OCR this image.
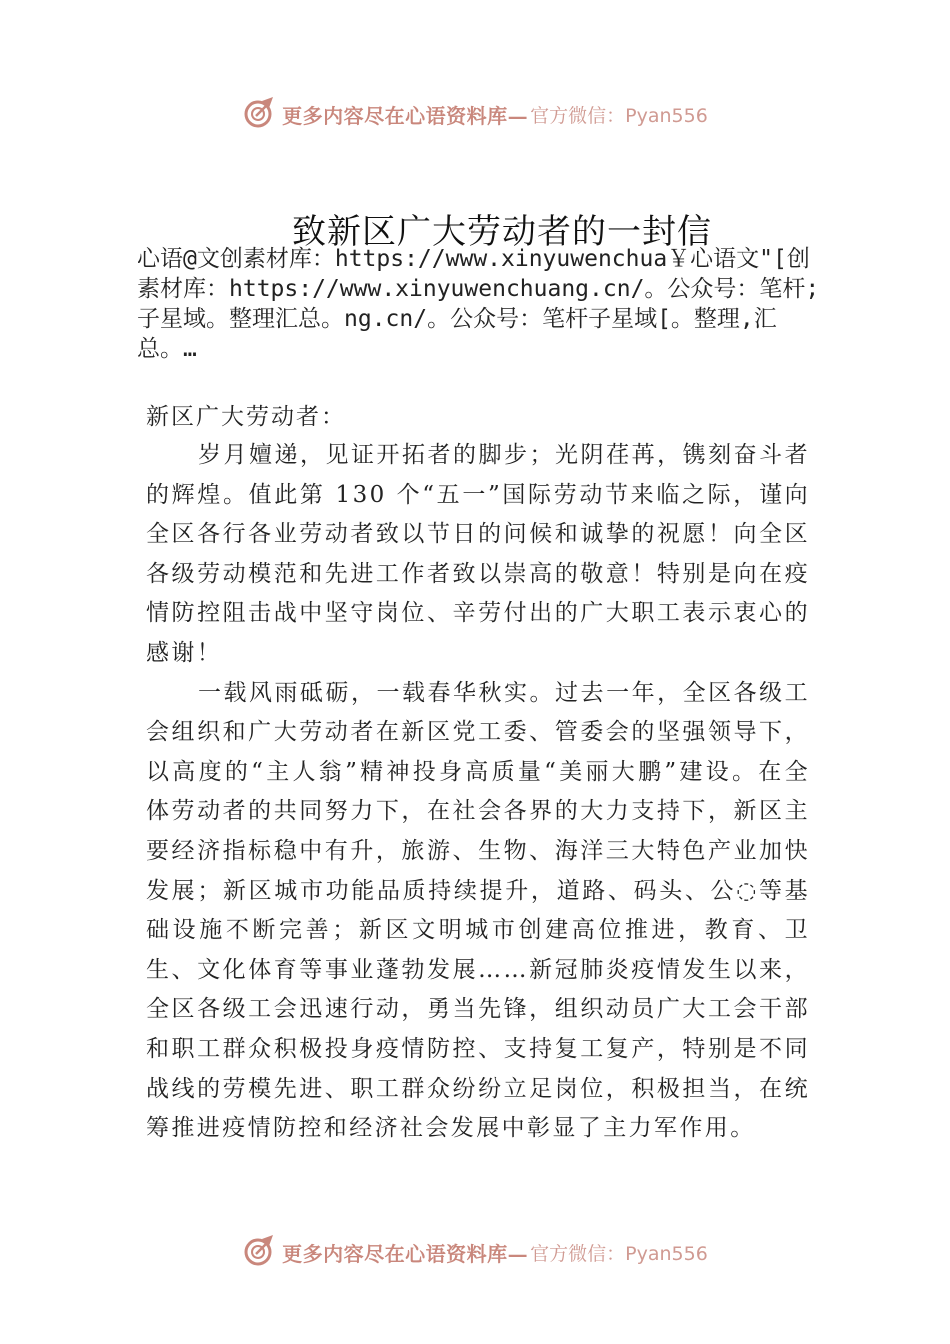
更多内容尽在心语资料库— 官方微信：Pyan556
致新区广大劳动者的一封信
心语@文创素材库：https://www.xinyuwenchua￥心语文"[创素材库：https://www.xinyuwenchuang.cn/。公众号：笔杆;子星域。整理汇总。ng.cn/。公众号：笔杆子星域[。整理,汇总。…
新区广大劳动者：

岁月嬗递，见证开拓者的脚步；光阴荏苒，镌刻奋斗者的辉煌。值此第 130 个“五一”国际劳动节来临之际，谨向全区各行各业劳动者致以节日的问候和诚挚的祝愿！向全区各级劳动模范和先进工作者致以崇高的敬意！特别是向在疫情防控阻击战中坚守岗位、辛劳付出的广大职工表示衷心的感谢！

一载风雨砥砺，一载春华秋实。过去一年，全区各级工会组织和广大劳动者在新区党工委、管委会的坚强领导下，以高度的“主人翁”精神投身高质量“美丽大鹏”建设。在全体劳动者的共同努力下，在社会各界的大力支持下，新区主要经济指标稳中有升，旅游、生物、海洋三大特色产业加快发展；新区城市功能品质持续提升，道路、码头、公◌等基础设施不断完善；新区文明城市创建高位推进，教育、卫生、文化体育等事业蓬勃发展……新冠肺炎疫情发生以来，全区各级工会迅速行动，勇当先锋，组织动员广大工会干部和职工群众积极投身疫情防控、支持复工复产，特别是不同战线的劳模先进、职工群众纷纷立足岗位，积极担当，在统筹推进疫情防控和经济社会发展中彰显了主力军作用。

更多内容尽在心语资料库— 官方微信：Pyan556
